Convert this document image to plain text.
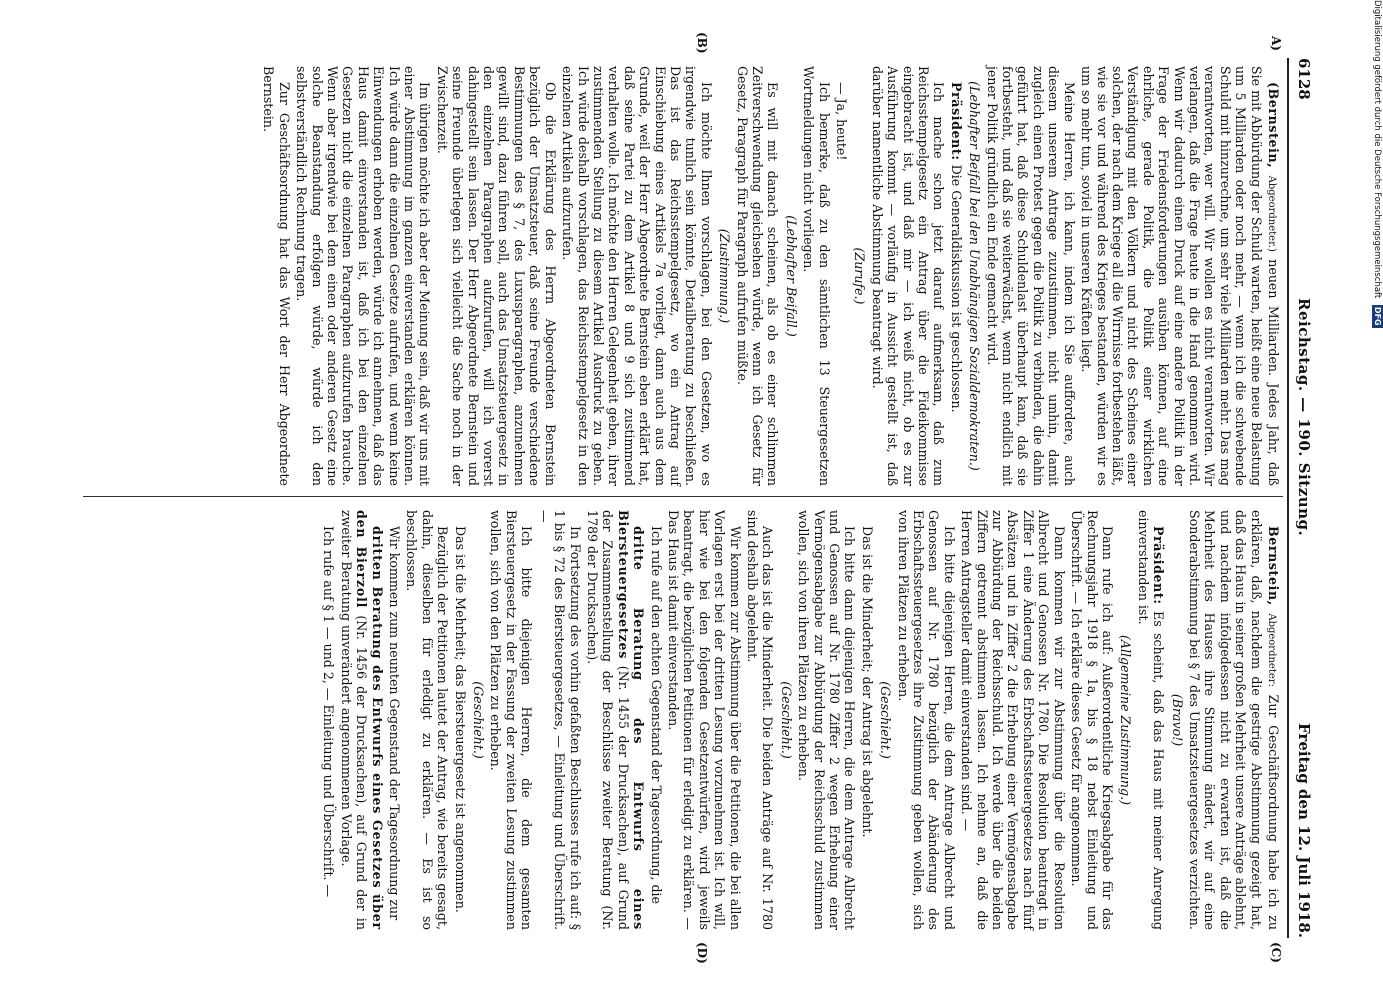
6128
Reichstag. — 190. Sitzung.
Freitag den 12. Juli 1918.
A)
(B)
(C)
(D)

(Bernstein, Abgeordneter.) neuen Milliarden. Jedes Jahr, daß Sie mit Abbürdung der Schuld warten, heißt eine neue Belastung um 5 Milliarden oder noch mehr, — wenn ich die schwebende Schuld mit hinzurechne, um sehr viele Milliarden mehr. Das mag verantworten, wer will. Wir wollen es nicht verantworten. Wir verlangen, daß die Frage heute in die Hand genommen wird. Wenn wir dadurch einen Druck auf eine andere Politik in der Frage der Friedensforderungen ausüben können, auf eine ehrliche, gerade Politik, die Politik einer wirklichen Verständigung mit den Völkern und nicht des Scheines einer solchen, der nach dem Kriege all die Wirrnisse fortbestehen läßt, wie sie vor und während des Krieges bestanden, würden wir es um so mehr tun, soviel in unseren Kräften liegt.

Meine Herren, ich kann, indem ich Sie auffordere, auch diesem unserem Antrage zuzustimmen, nicht umhin, damit zugleich einen Protest gegen die Politik zu verbinden, die dahin geführt hat, daß diese Schuldenlast überhaupt kam, daß sie fortbesteht, und daß sie weiterwächst, wenn nicht endlich mit jener Politik gründlich ein Ende gemacht wird.

(Lebhafter Beifall bei den Unabhängigen Sozialdemokraten.)

Präsident: Die Generaldiskussion ist geschlossen.

Ich mache schon jetzt darauf aufmerksam, daß zum Reichsstempelgesetz ein Antrag über die Fideikommisse eingebracht ist, und daß mir — ich weiß nicht, ob es zur Ausführung kommt — vorläufig in Aussicht gestellt ist, daß darüber namentliche Abstimmung beantragt wird.

(Zurufe.)

— Ja, heute!

Ich bemerke, daß zu den sämtlichen 13 Steuergesetzen Wortmeldungen nicht vorliegen.

(Lebhafter Beifall.)

Es will mit danach scheinen, als ob es einer schlimmen Zeitverschwendung gleichsehen würde, wenn ich Gesetz für Gesetz, Paragraph für Paragraph aufrufen müßte.

(Zustimmung.)

Ich möchte Ihnen vorschlagen, bei den Gesetzen, wo es irgendwie tunlich sein könnte, Detailberatung zu beschließen. Das ist das Reichsstempelgesetz, wo ein Antrag auf Einschiebung eines Artikels 7a vorliegt, dann auch aus dem Grunde, weil der Herr Abgeordnete Bernstein eben erklärt hat, daß seine Partei zu dem Artikel 8 und 9 sich zustimmend verhalten wolle. Ich möchte den Herren Gelegenheit geben, ihrer zustimmenden Stellung zu diesem Artikel Ausdruck zu geben. Ich würde deshalb vorschlagen, das Reichsstempelgesetz in den einzelnen Artikeln aufzurufen.

Ob die Erklärung des Herrn Abgeordneten Bernstein bezüglich der Umsatzsteuer, daß seine Freunde verschiedene Bestimmungen des § 7, des Luxusparagraphen, anzunehmen gewillt sind, dazu führen soll, auch das Umsatzsteuergesetz in den einzelnen Paragraphen aufzurufen, will ich vorerst dahingestellt sein lassen. Der Herr Abgeordnete Bernstein und seine Freunde überlegen sich vielleicht die Sache noch in der Zwischenzeit.

Im übrigen möchte ich aber der Meinung sein, daß wir uns mit einer Abstimmung im ganzen einverstanden erklären können. Ich würde dann die einzelnen Gesetze aufrufen, und wenn keine Einwendungen erhoben werden, würde ich annehmen, daß das Haus damit einverstanden ist, daß ich bei den einzelnen Gesetzen nicht die einzelnen Paragraphen aufzurufen brauche. Wenn aber irgendwie bei dem einen oder anderen Gesetz eine solche Beanstandung erfolgen würde, würde ich den selbstverständlich Rechnung tragen.

Zur Geschäftsordnung hat das Wort der Herr Abgeordnete Bernstein.

Bernstein, Abgeordneter: Zur Geschäftsordnung habe ich zu erklären, daß, nachdem die gestrige Abstimmung gezeigt hat, daß das Haus in seiner großen Mehrheit unsere Anträge ablehnt, und nachdem infolgedessen nicht zu erwarten ist, daß die Mehrheit des Hauses ihre Stimmung ändert, wir auf eine Sonderabstimmung bei § 7 des Umsatzsteuergesetzes verzichten.

(Bravo!)

Präsident: Es scheint, daß das Haus mit meiner Anregung einverstanden ist.

(Allgemeine Zustimmung.)

Dann rufe ich auf: Außerordentliche Kriegsabgabe für das Rechnungsjahr 1918 § 1a, bis § 18 nebst Einleitung und Überschrift. — Ich erkläre dieses Gesetz für angenommen.

Dann kommen wir zur Abstimmung über die Resolution Albrecht und Genossen Nr. 1780. Die Resolution beantragt in Ziffer 1 eine Änderung des Erbschaftssteuergesetzes nach fünf Absätzen und in Ziffer 2 die Erhebung einer Vermögensabgabe zur Abbürdung der Reichsschuld. Ich werde über die beiden Ziffern getrennt abstimmen lassen. Ich nehme an, daß die Herren Antragsteller damit einverstanden sind. —

Ich bitte diejenigen Herren, die dem Antrage Albrecht und Genossen auf Nr. 1780 bezüglich der Abänderung des Erbschaftssteuergesetzes ihre Zustimmung geben wollen, sich von ihren Plätzen zu erheben.

(Geschieht.)

Das ist die Minderheit; der Antrag ist abgelehnt.

Ich bitte dann diejenigen Herren, die dem Antrage Albrecht und Genossen auf Nr. 1780 Ziffer 2 wegen Erhebung einer Vermögensabgabe zur Abbürdung der Reichsschuld zustimmen wollen, sich von ihren Plätzen zu erheben.

(Geschieht.)

Auch das ist die Minderheit. Die beiden Anträge auf Nr. 1780 sind deshalb abgelehnt.

Wir kommen zur Abstimmung über die Petitionen, die bei allen Vorlagen erst bei der dritten Lesung vorzunehmen ist. Ich will, hier wie bei den folgenden Gesetzentwürfen, wird jeweils beantragt, die bezüglichen Petitionen für erledigt zu erklären. — Das Haus ist damit einverstanden.

Ich rufe auf den achten Gegenstand der Tagesordnung, die

dritte Beratung des Entwurfs eines Biersteuergesetzes (Nr. 1455 der Drucksachen), auf Grund der Zusammenstellung der Beschlüsse zweiter Beratung (Nr. 1789 der Drucksachen).

In Fortsetzung des vorhin gefaßten Beschlusses rufe ich auf: § 1 bis § 72 des Biersteuergesetzes, — Einleitung und Überschrift. —

Ich bitte diejenigen Herren, die dem gesamten Biersteuergesetz in der Fassung der zweiten Lesung zustimmen wollen, sich von den Plätzen zu erheben.

(Geschieht.)

Das ist die Mehrheit; das Biersteuergesetz ist angenommen.

Bezüglich der Petitionen lautet der Antrag, wie bereits gesagt, dahin, dieselben für erledigt zu erklären. — Es ist so beschlossen.

Wir kommen zum neunten Gegenstand der Tagesordnung zur

dritten Beratung des Entwurfs eines Gesetzes über den Bierzoll (Nr. 1456 der Drucksachen), auf Grund der in zweiter Beratung unverändert angenommenen Vorlage.

Ich rufe auf § 1 — und 2, — Einleitung und Überschrift. —

Digitalisierung gefördert durch die Deutsche Forschungsgemeinschaft DFG
